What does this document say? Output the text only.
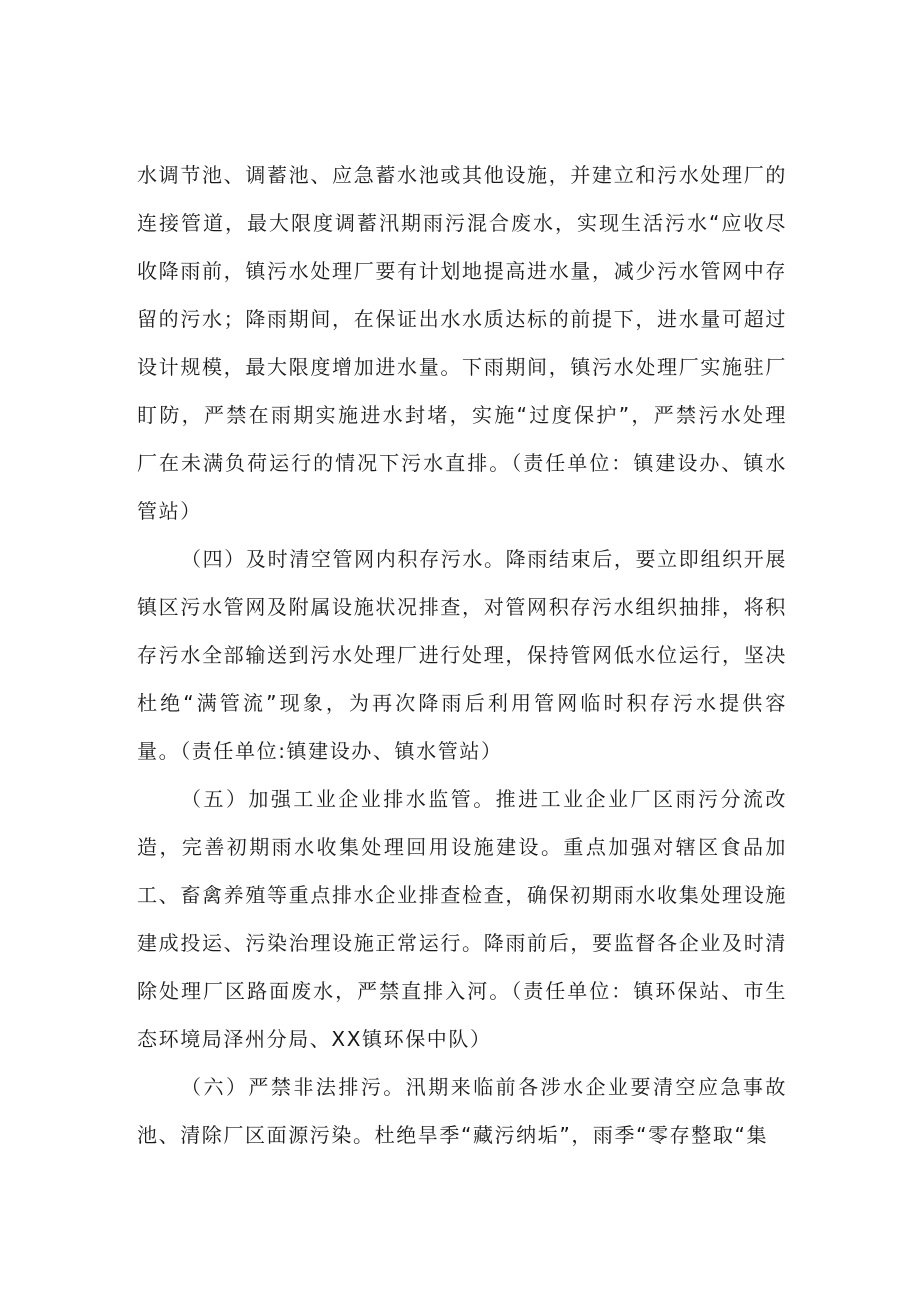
水调节池、调蓄池、应急蓄水池或其他设施，并建立和污水处理厂的连接管道，最大限度调蓄汛期雨污混合废水，实现生活污水“应收尽收降雨前，镇污水处理厂要有计划地提高进水量，减少污水管网中存留的污水；降雨期间，在保证出水水质达标的前提下，进水量可超过设计规模，最大限度增加进水量。下雨期间，镇污水处理厂实施驻厂盯防，严禁在雨期实施进水封堵，实施“过度保护”，严禁污水处理厂在未满负荷运行的情况下污水直排。（责任单位：镇建设办、镇水管站）

（四）及时清空管网内积存污水。降雨结束后，要立即组织开展镇区污水管网及附属设施状况排查，对管网积存污水组织抽排，将积存污水全部输送到污水处理厂进行处理，保持管网低水位运行，坚决杜绝“满管流”现象，为再次降雨后利用管网临时积存污水提供容量。（责任单位:镇建设办、镇水管站）

（五）加强工业企业排水监管。推进工业企业厂区雨污分流改造，完善初期雨水收集处理回用设施建设。重点加强对辖区食品加工、畜禽养殖等重点排水企业排查检查，确保初期雨水收集处理设施建成投运、污染治理设施正常运行。降雨前后，要监督各企业及时清除处理厂区路面废水，严禁直排入河。（责任单位：镇环保站、市生态环境局泽州分局、XX镇环保中队）

（六）严禁非法排污。汛期来临前各涉水企业要清空应急事故池、清除厂区面源污染。杜绝旱季“藏污纳垢”，雨季“零存整取“集
